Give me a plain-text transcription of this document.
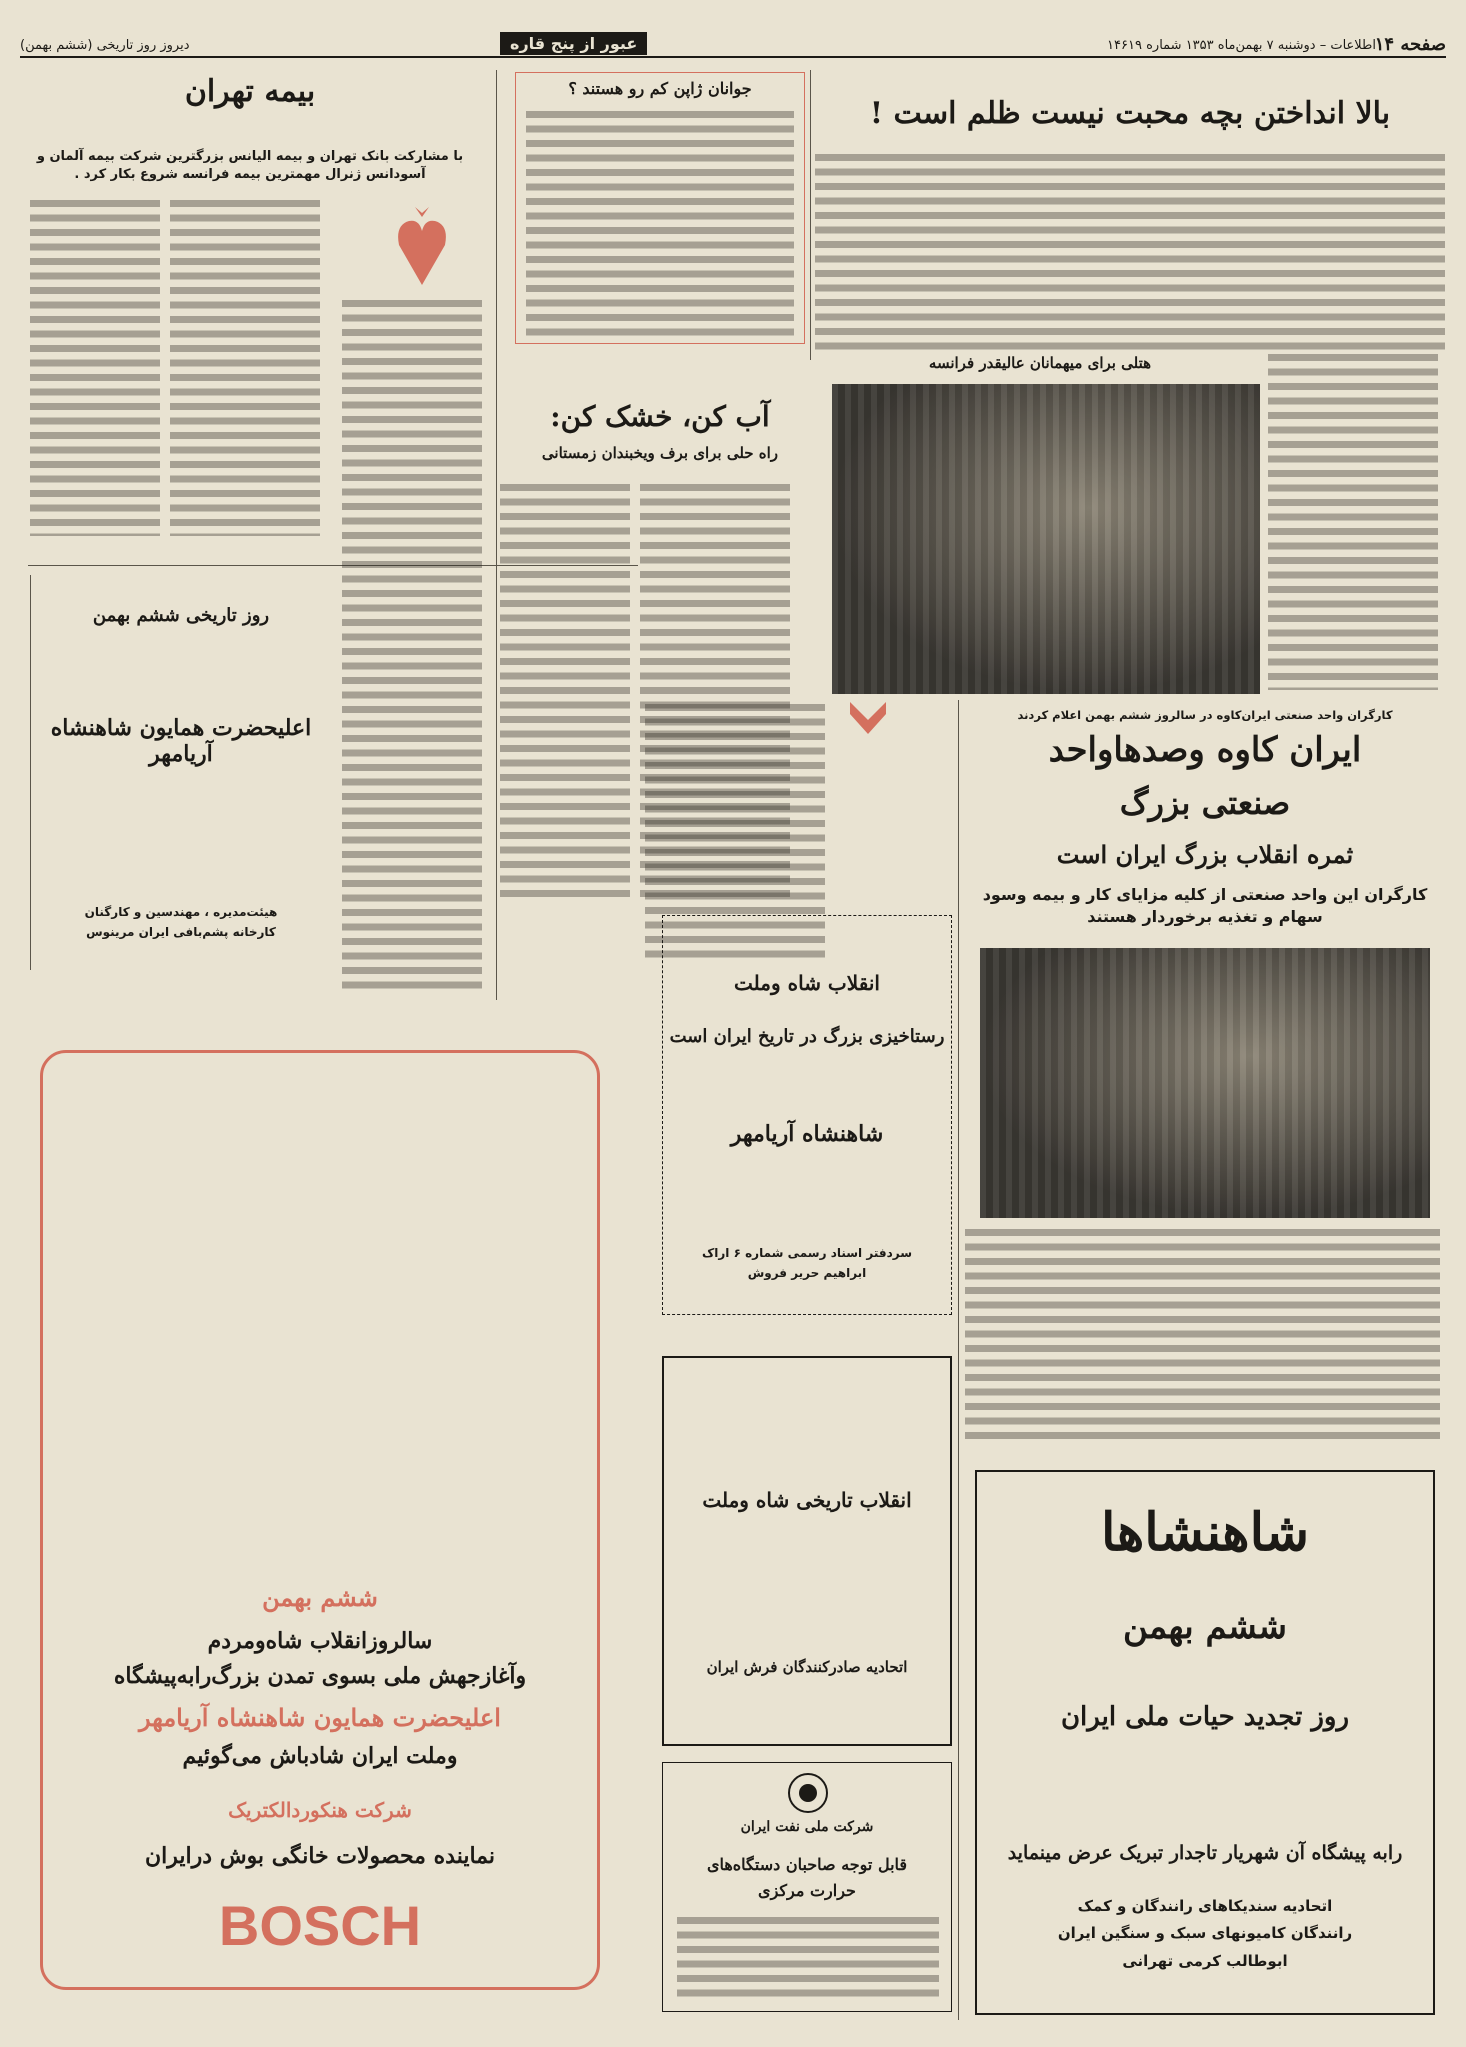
صفحه ۱۴
اطلاعات – دوشنبه ۷ بهمن‌ماه ۱۳۵۳ شماره ۱۴۶۱۹
عبور از پنج قاره
دیروز روز تاریخی (ششم بهمن)
بیمه تهران
با مشارکت بانک تهران و بیمه الیانس بزرگترین شرکت بیمه آلمان و آسودانس ژنرال مهمترین بیمه فرانسه شروع بکار کرد .
روز تاریخی ششم بهمن
اعلیحضرت همایون شاهنشاه آریامهر
هیئت‌مدیره ، مهندسین و کارگنان
کارخانه پشم‌بافی ایران مرینوس
ششم بهمن
سالروزانقلاب شاه‌ومردم
وآغازجهش ملی بسوی تمدن بزرگ‌رابه‌پیشگاه
اعلیحضرت همایون شاهنشاه آریامهر
وملت ایران شادباش می‌گوئیم
شرکت هنکوردالکتریک
نماینده محصولات خانگی بوش درایران
BOSCH
جوانان ژاپن کم رو هستند ؟
آب کن، خشک کن:
راه حلی برای برف ویخبندان زمستانی
بالا انداختن بچه محبت نیست ظلم است !
هتلی برای میهمانان عالیقدر فرانسه
کارگران واحد صنعتی ایران‌کاوه در سالروز ششم بهمن اعلام کردند
ایران کاوه وصدهاواحد
صنعتی بزرگ
ثمره انقلاب بزرگ ایران است
کارگران این واحد صنعتی از کلیه مزایای کار و بیمه وسود سهام و تغذیه برخوردار هستند
انقلاب شاه وملت
رستاخیزی بزرگ در تاریخ ایران است
شاهنشاه آریامهر
سردفتر اسناد رسمی شماره ۶ اراک
ابراهیم حریر فروش
انقلاب تاریخی شاه وملت
اتحادیه صادرکنندگان فرش ایران
شرکت ملی نفت ایران
قابل توجه صاحبان دستگاه‌های
حرارت مرکزی
شاهنشاها
ششم بهمن
روز تجدید حیات ملی ایران
رابه پیشگاه آن شهریار تاجدار تبریک عرض مینماید
اتحادیه سندیکاهای رانندگان و کمک
رانندگان کامیونهای سبک و سنگین ایران
ابوطالب کرمی تهرانی
